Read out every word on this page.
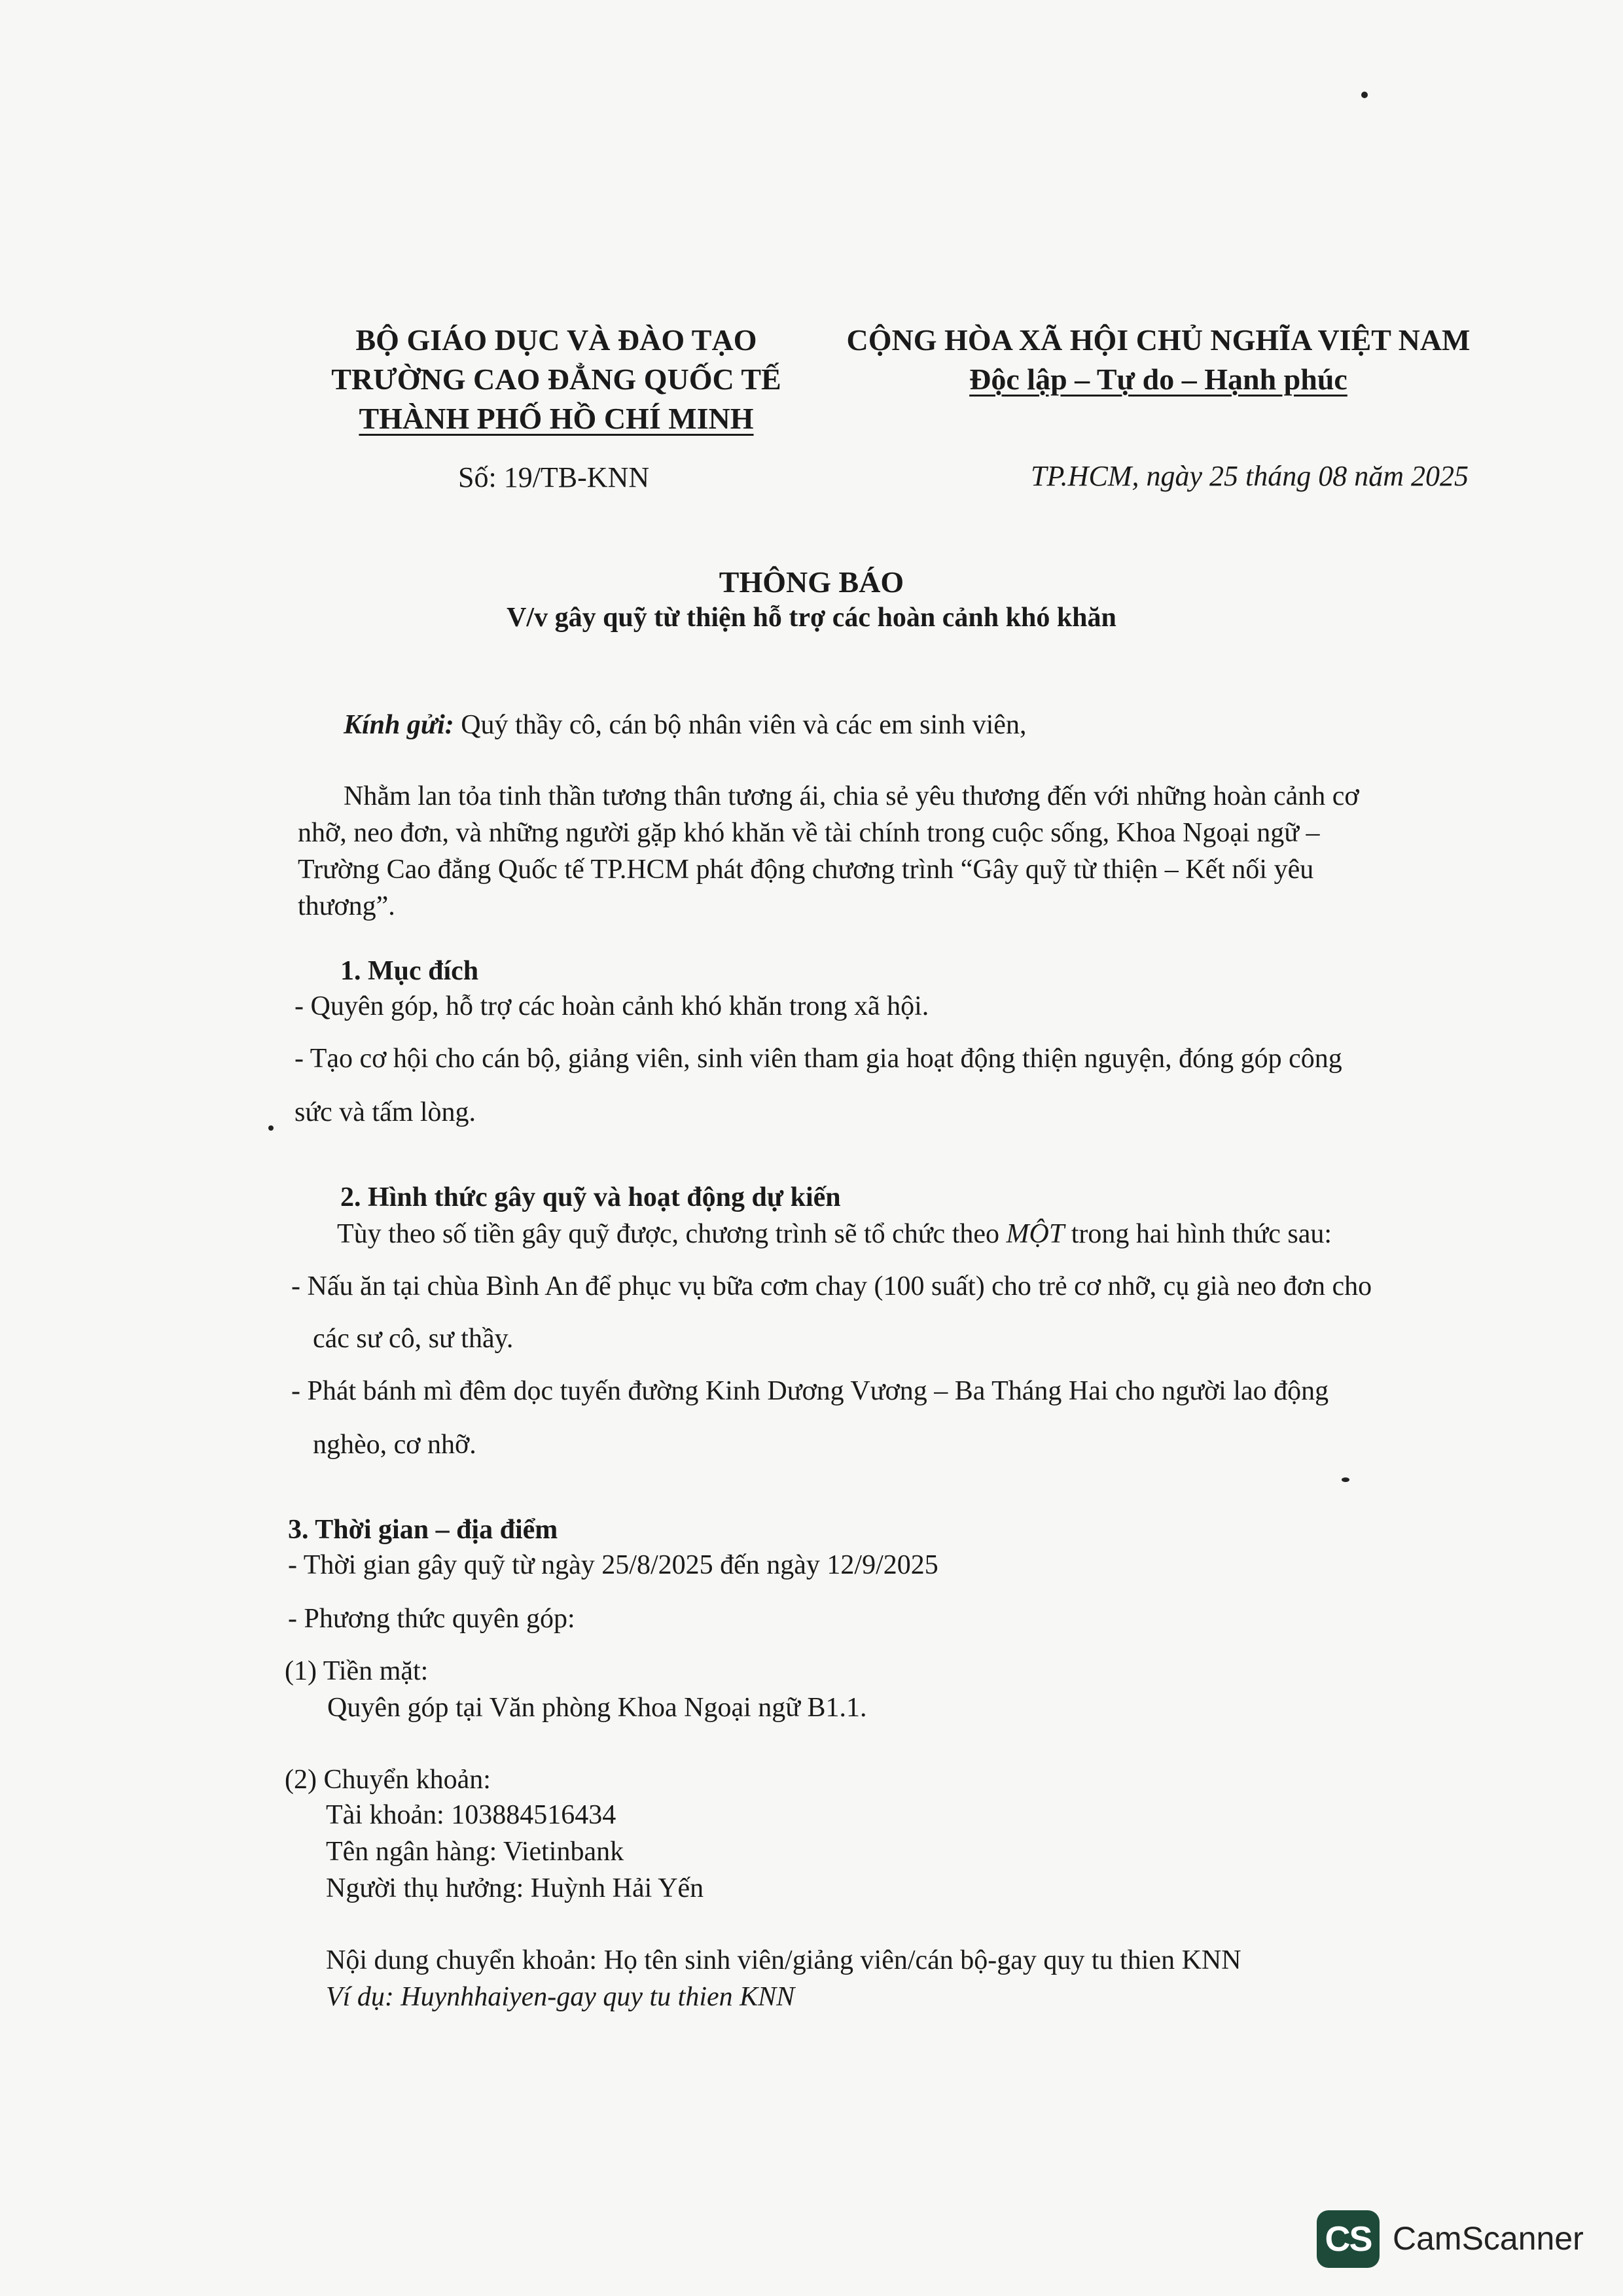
BỘ GIÁO DỤC VÀ ĐÀO TẠO
TRƯỜNG CAO ĐẲNG QUỐC TẾ
THÀNH PHỐ HỒ CHÍ MINH
CỘNG HÒA XÃ HỘI CHỦ NGHĨA VIỆT NAM
Độc lập – Tự do – Hạnh phúc
Số: 19/TB-KNN	TP.HCM, ngày 25 tháng 08 năm 2025
THÔNG BÁO
V/v gây quỹ từ thiện hỗ trợ các hoàn cảnh khó khăn
Kính gửi: Quý thầy cô, cán bộ nhân viên và các em sinh viên,
Nhằm lan tỏa tinh thần tương thân tương ái, chia sẻ yêu thương đến với những hoàn cảnh cơ
nhỡ, neo đơn, và những người gặp khó khăn về tài chính trong cuộc sống, Khoa Ngoại ngữ –
Trường Cao đẳng Quốc tế TP.HCM phát động chương trình “Gây quỹ từ thiện – Kết nối yêu
thương”.
1. Mục đích
- Quyên góp, hỗ trợ các hoàn cảnh khó khăn trong xã hội.
- Tạo cơ hội cho cán bộ, giảng viên, sinh viên tham gia hoạt động thiện nguyện, đóng góp công
sức và tấm lòng.
2. Hình thức gây quỹ và hoạt động dự kiến
Tùy theo số tiền gây quỹ được, chương trình sẽ tổ chức theo MỘT trong hai hình thức sau:
- Nấu ăn tại chùa Bình An để phục vụ bữa cơm chay (100 suất) cho trẻ cơ nhỡ, cụ già neo đơn cho
các sư cô, sư thầy.
- Phát bánh mì đêm dọc tuyến đường Kinh Dương Vương – Ba Tháng Hai cho người lao động
nghèo, cơ nhỡ.
3. Thời gian – địa điểm
- Thời gian gây quỹ từ ngày 25/8/2025 đến ngày 12/9/2025
- Phương thức quyên góp:
(1) Tiền mặt:
Quyên góp tại Văn phòng Khoa Ngoại ngữ B1.1.
(2) Chuyển khoản:
Tài khoản: 103884516434
Tên ngân hàng: Vietinbank
Người thụ hưởng: Huỳnh Hải Yến
Nội dung chuyển khoản: Họ tên sinh viên/giảng viên/cán bộ-gay quy tu thien KNN
Ví dụ: Huynhhaiyen-gay quy tu thien KNN
CS CamScanner
